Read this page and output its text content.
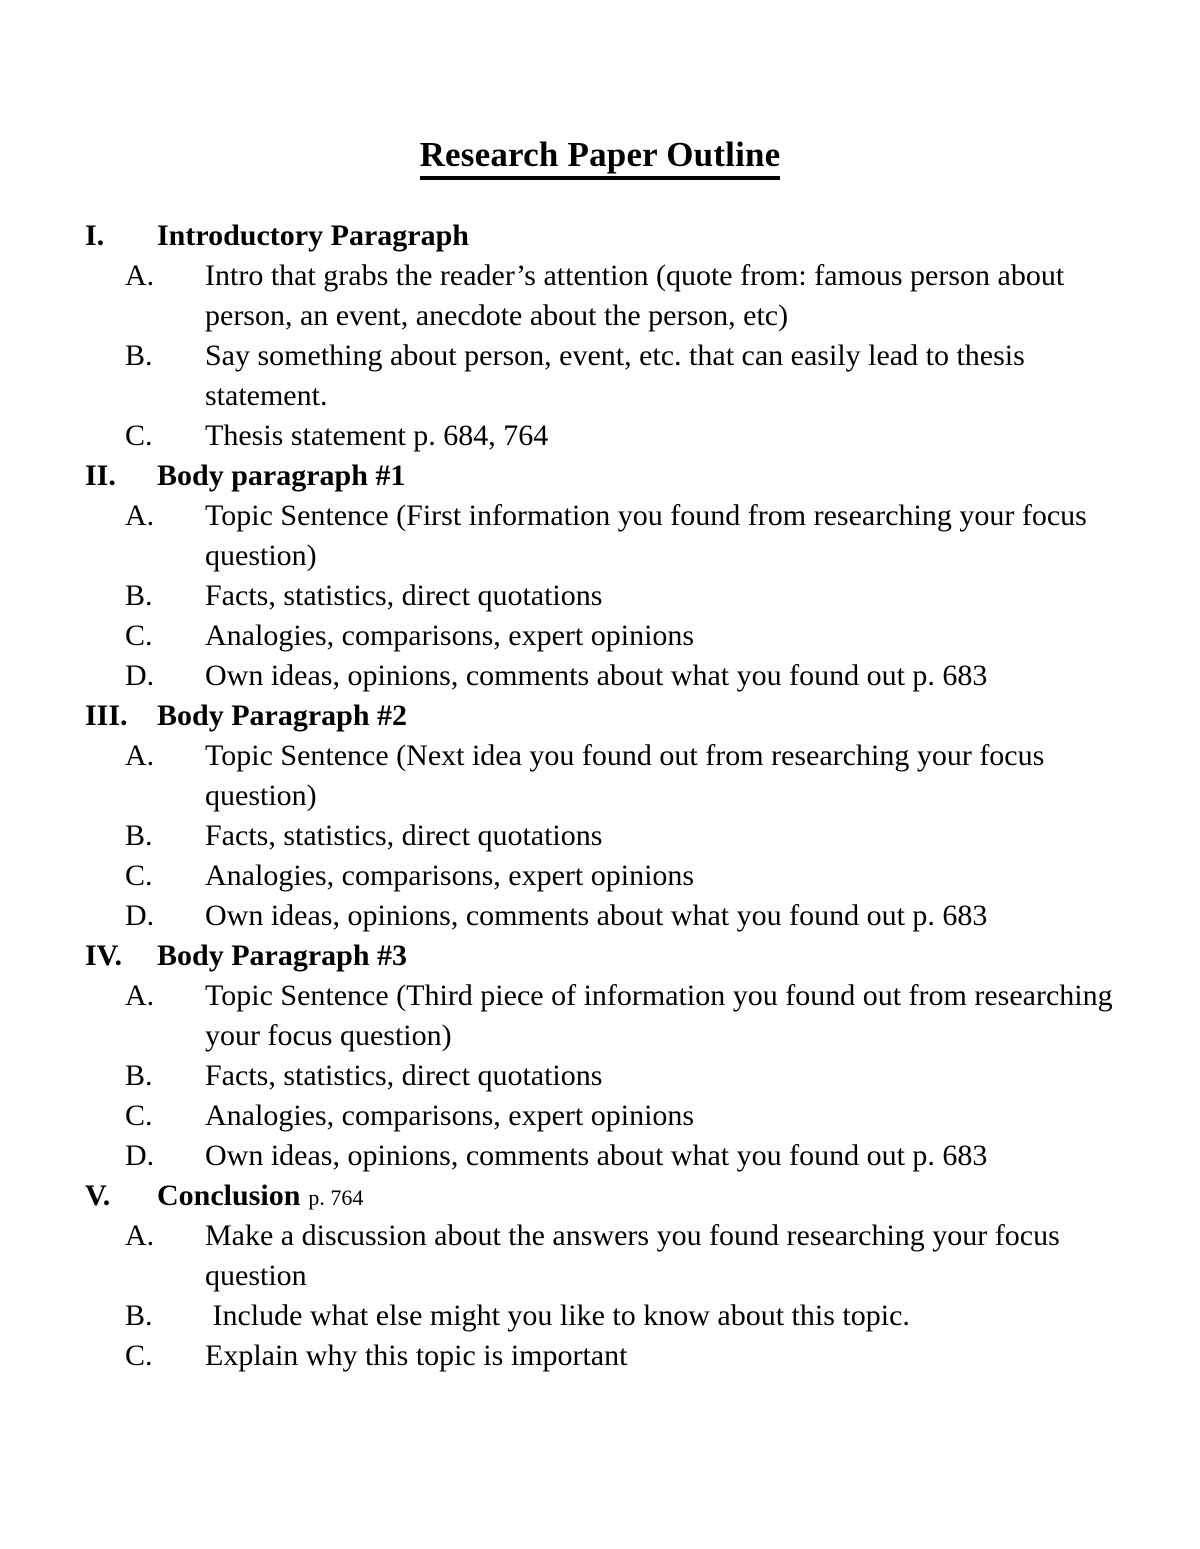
Research Paper Outline
I.	Introductory Paragraph
A. Intro that grabs the reader’s attention (quote from: famous person about person, an event, anecdote about the person, etc)
B. Say something about person, event, etc. that can easily lead to thesis statement.
C. Thesis statement p. 684, 764
II.	Body paragraph #1
A. Topic Sentence (First information you found from researching your focus question)
B. Facts, statistics, direct quotations
C. Analogies, comparisons, expert opinions
D. Own ideas, opinions, comments about what you found out p. 683
III. Body Paragraph #2
A. Topic Sentence (Next idea you found out from researching your focus question)
B. Facts, statistics, direct quotations
C. Analogies, comparisons, expert opinions
D. Own ideas, opinions, comments about what you found out p. 683
IV.	Body Paragraph #3
A. Topic Sentence (Third piece of information you found out from researching your focus question)
B. Facts, statistics, direct quotations
C. Analogies, comparisons, expert opinions
D. Own ideas, opinions, comments about what you found out p. 683
V.	Conclusion p. 764
A. Make a discussion about the answers you found researching your focus question
B. Include what else might you like to know about this topic.
C. Explain why this topic is important
